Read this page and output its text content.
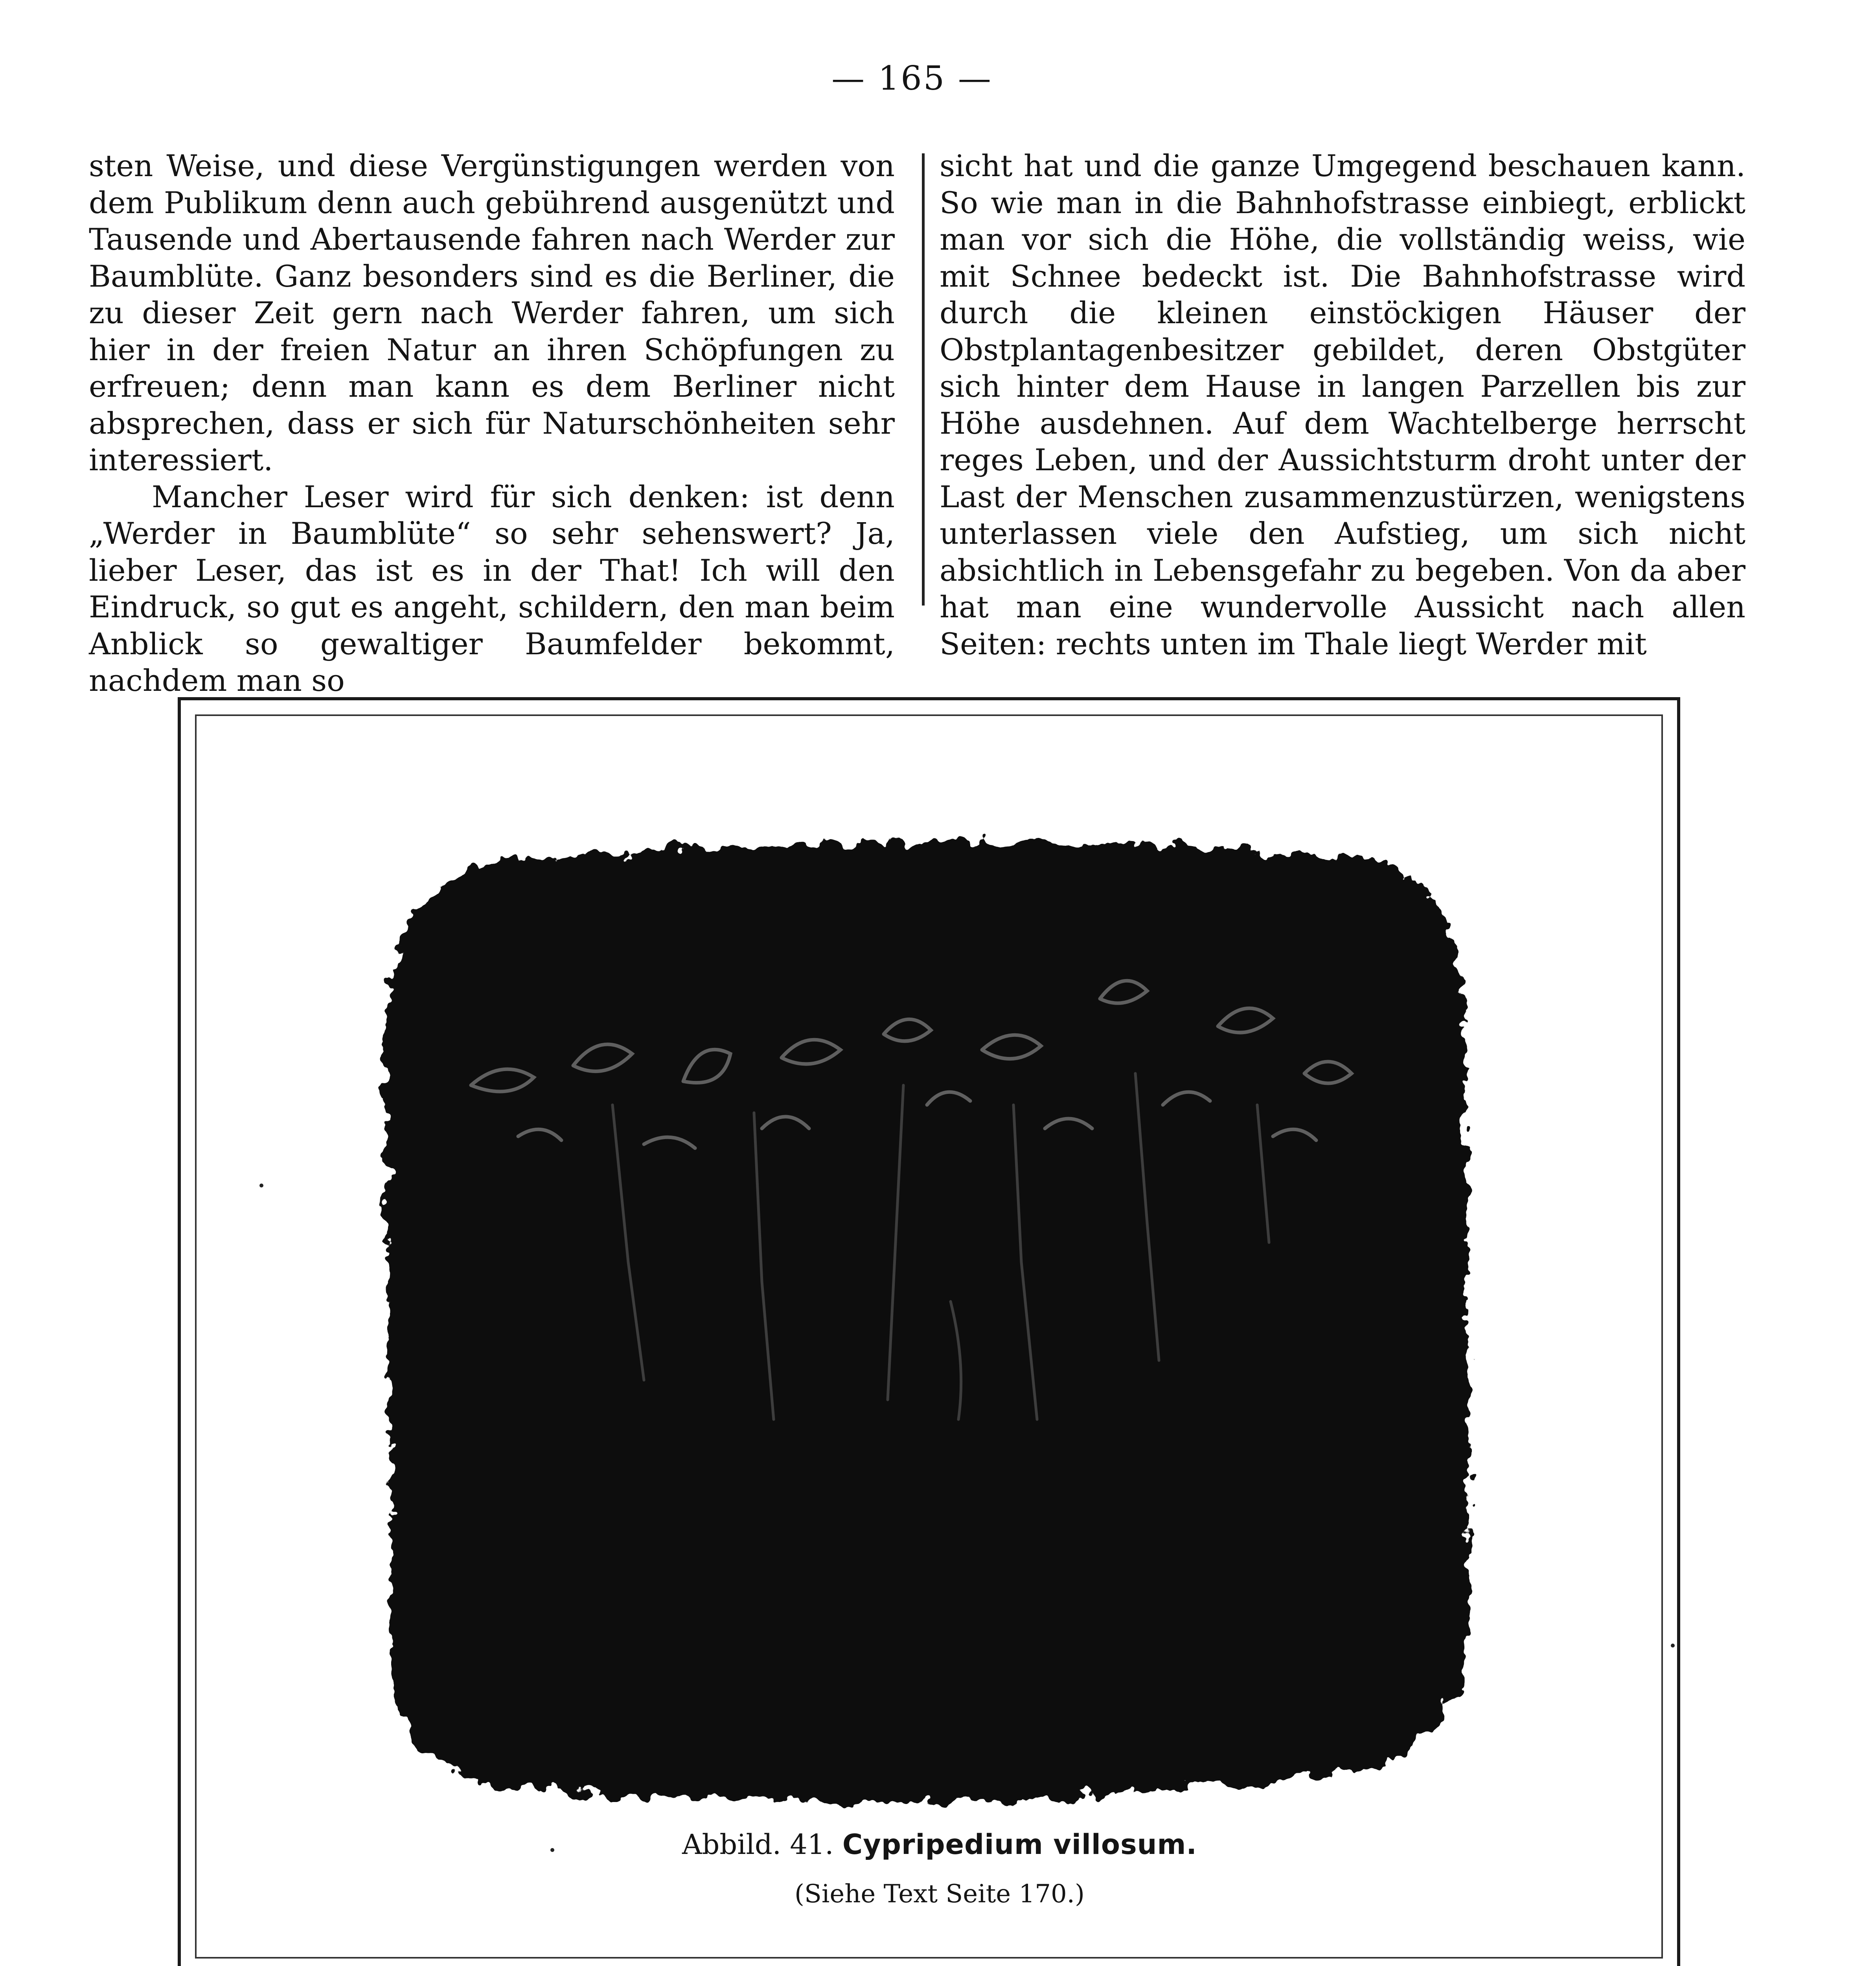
— 165 —

sten Weise, und diese Vergünstigungen werden von dem Publikum denn auch gebührend ausgenützt und Tausende und Abertausende fahren nach Werder zur Baumblüte. Ganz besonders sind es die Berliner, die zu dieser Zeit gern nach Werder fahren, um sich hier in der freien Natur an ihren Schöpfungen zu erfreuen; denn man kann es dem Berliner nicht absprechen, dass er sich für Naturschönheiten sehr interessiert.

Mancher Leser wird für sich denken: ist denn „Werder in Baumblüte“ so sehr sehenswert? Ja, lieber Leser, das ist es in der That! Ich will den Eindruck, so gut es angeht, schildern, den man beim Anblick so gewaltiger Baumfelder bekommt, nachdem man so

sicht hat und die ganze Umgegend beschauen kann. So wie man in die Bahnhofstrasse einbiegt, erblickt man vor sich die Höhe, die vollständig weiss, wie mit Schnee bedeckt ist. Die Bahnhofstrasse wird durch die kleinen einstöckigen Häuser der Obstplantagenbesitzer gebildet, deren Obstgüter sich hinter dem Hause in langen Parzellen bis zur Höhe ausdehnen. Auf dem Wachtelberge herrscht reges Leben, und der Aussichtsturm droht unter der Last der Menschen zusammenzustürzen, wenigstens unterlassen viele den Aufstieg, um sich nicht absichtlich in Lebensgefahr zu begeben. Von da aber hat man eine wundervolle Aussicht nach allen Seiten: rechts unten im Thale liegt Werder mit

Abbild. 41. Cypripedium villosum.
(Siehe Text Seite 170.)
